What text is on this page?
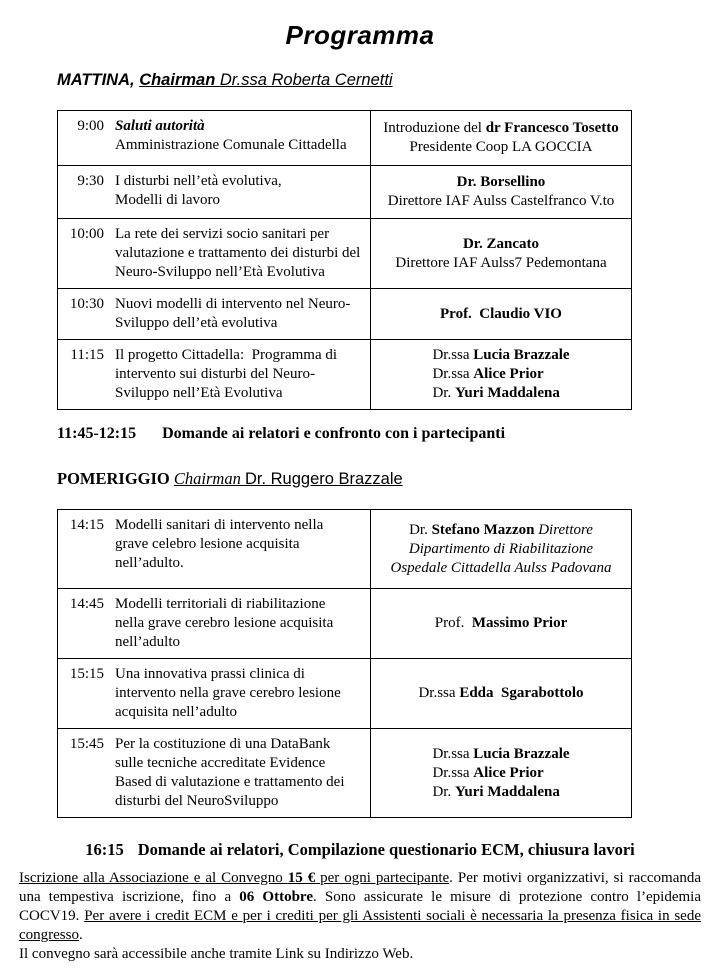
Programma
MATTINA, Chairman Dr.ssa Roberta Cernetti
9:00 Saluti autorità
Amministrazione Comunale Cittadella
Introduzione del dr Francesco Tosetto
Presidente Coop LA GOCCIA
9:30 I disturbi nell’età evolutiva,
Modelli di lavoro
Dr. Borsellino
Direttore IAF Aulss Castelfranco V.to
10:00 La rete dei servizi socio sanitari per
valutazione e trattamento dei disturbi del
Neuro-Sviluppo nell’Età Evolutiva
Dr. Zancato
Direttore IAF Aulss7 Pedemontana
10:30 Nuovi modelli di intervento nel Neuro-
Sviluppo dell’età evolutiva
Prof.  Claudio VIO
11:15 Il progetto Cittadella:  Programma di
intervento sui disturbi del Neuro-
Sviluppo nell’Età Evolutiva
Dr.ssa Lucia Brazzale
Dr.ssa Alice Prior
Dr. Yuri Maddalena
11:45-12:15 Domande ai relatori e confronto con i partecipanti
POMERIGGIO Chairman Dr. Ruggero Brazzale
14:15 Modelli sanitari di intervento nella
grave celebro lesione acquisita
nell’adulto.
Dr. Stefano Mazzon Direttore
Dipartimento di Riabilitazione
Ospedale Cittadella Aulss Padovana
14:45 Modelli territoriali di riabilitazione
nella grave cerebro lesione acquisita
nell’adulto
Prof.  Massimo Prior
15:15 Una innovativa prassi clinica di
intervento nella grave cerebro lesione
acquisita nell’adulto
Dr.ssa Edda  Sgarabottolo
15:45 Per la costituzione di una DataBank
sulle tecniche accreditate Evidence
Based di valutazione e trattamento dei
disturbi del NeuroSviluppo
Dr.ssa Lucia Brazzale
Dr.ssa Alice Prior
Dr. Yuri Maddalena
16:15 Domande ai relatori, Compilazione questionario ECM, chiusura lavori
Iscrizione alla Associazione e al Convegno 15 € per ogni partecipante. Per motivi organizzativi, si raccomanda una tempestiva iscrizione, fino a 06 Ottobre. Sono assicurate le misure di protezione contro l’epidemia COCV19. Per avere i credit ECM e per i crediti per gli Assistenti sociali è necessaria la presenza fisica in sede congresso.
Il convegno sarà accessibile anche tramite Link su Indirizzo Web.
